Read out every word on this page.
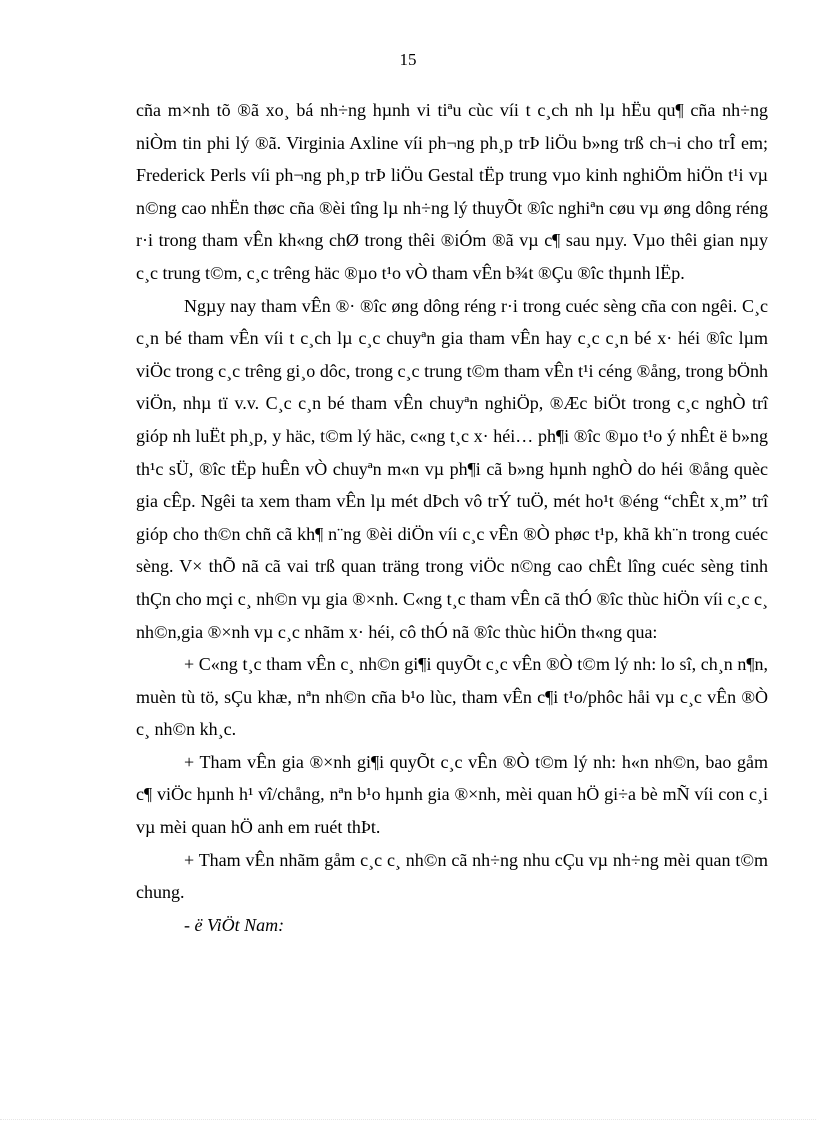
15

cña m×nh tõ ®ã xo¸ bá nh÷ng hµnh vi tiªu cùc víi t c¸ch nh lµ hËu qu¶ cña nh÷ng niÒm tin phi lý ®ã. Virginia Axline víi ph¬ng ph¸p trÞ liÖu b»ng trß ch¬i cho trÎ em; Frederick Perls víi ph¬ng ph¸p trÞ liÖu Gestal tËp trung vµo kinh nghiÖm hiÖn t¹i vµ n©ng cao nhËn thøc cña ®èi tîng lµ nh÷ng lý thuyÕt ®îc nghiªn cøu vµ øng dông réng r·i trong tham vÊn kh«ng chØ trong thêi ®iÓm ®ã vµ c¶ sau nµy. Vµo thêi gian nµy c¸c trung t©m, c¸c trêng häc ®µo t¹o vÒ tham vÊn b¾t ®Çu ®îc thµnh lËp.

Ngµy nay tham vÊn ®· ®îc øng dông réng r·i trong cuéc sèng cña con ngêi. C¸c c¸n bé tham vÊn víi t c¸ch lµ c¸c chuyªn gia tham vÊn hay c¸c c¸n bé x· héi ®îc lµm viÖc trong c¸c trêng gi¸o dôc, trong c¸c trung t©m tham vÊn t¹i céng ®ång, trong bÖnh viÖn, nhµ tï v.v. C¸c c¸n bé tham vÊn chuyªn nghiÖp, ®Æc biÖt trong c¸c nghÒ trî gióp nh luËt ph¸p, y häc, t©m lý häc, c«ng t¸c x· héi… ph¶i ®îc ®µo t¹o ý nhÊt ë b»ng th¹c sÜ, ®îc tËp huÊn vÒ chuyªn m«n vµ ph¶i cã b»ng hµnh nghÒ do héi ®ång quèc gia cÊp. Ngêi ta xem tham vÊn lµ mét dÞch vô trÝ tuÖ, mét ho¹t ®éng “chÊt x¸m” trî gióp cho th©n chñ cã kh¶ n¨ng ®èi diÖn víi c¸c vÊn ®Ò phøc t¹p, khã kh¨n trong cuéc sèng. V× thÕ nã cã vai trß quan träng trong viÖc n©ng cao chÊt lîng cuéc sèng tinh thÇn cho mçi c¸ nh©n vµ gia ®×nh. C«ng t¸c tham vÊn cã thÓ ®îc thùc hiÖn víi c¸c c¸ nh©n,gia ®×nh vµ c¸c nhãm x· héi, cô thÓ nã ®îc thùc hiÖn th«ng qua:

+ C«ng t¸c tham vÊn c¸ nh©n gi¶i quyÕt c¸c vÊn ®Ò t©m lý nh: lo sî, ch¸n n¶n, muèn tù tö, sÇu khæ, nªn nh©n cña b¹o lùc, tham vÊn c¶i t¹o/phôc håi vµ c¸c vÊn ®Ò c¸ nh©n kh¸c.

+ Tham vÊn gia ®×nh gi¶i quyÕt c¸c vÊn ®Ò t©m lý nh: h«n nh©n, bao gåm c¶ viÖc hµnh h¹ vî/chång, nªn b¹o hµnh gia ®×nh, mèi quan hÖ gi÷a bè mÑ víi con c¸i vµ mèi quan hÖ anh em ruét thÞt.

+ Tham vÊn nhãm gåm c¸c c¸ nh©n cã nh÷ng nhu cÇu vµ nh÷ng mèi quan t©m chung.

- ë ViÖt Nam:
